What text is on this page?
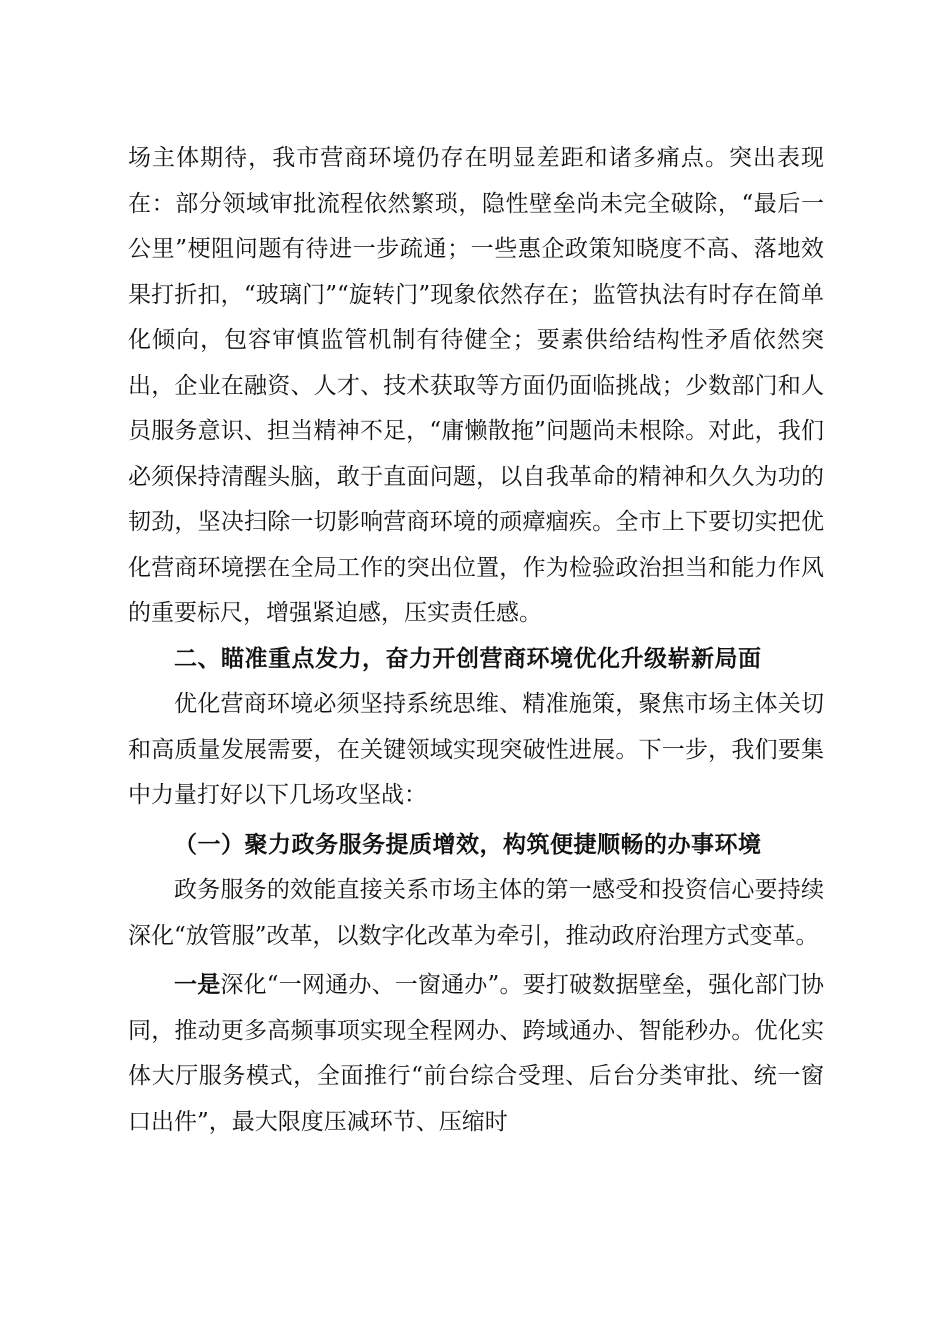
场主体期待，我市营商环境仍存在明显差距和诸多痛点。突出表现在：部分领域审批流程依然繁琐，隐性壁垒尚未完全破除，“最后一公里”梗阻问题有待进一步疏通；一些惠企政策知晓度不高、落地效果打折扣，“玻璃门”“旋转门”现象依然存在；监管执法有时存在简单化倾向，包容审慎监管机制有待健全；要素供给结构性矛盾依然突出，企业在融资、人才、技术获取等方面仍面临挑战；少数部门和人员服务意识、担当精神不足，“庸懒散拖”问题尚未根除。对此，我们必须保持清醒头脑，敢于直面问题，以自我革命的精神和久久为功的韧劲，坚决扫除一切影响营商环境的顽瘴痼疾。全市上下要切实把优化营商环境摆在全局工作的突出位置，作为检验政治担当和能力作风的重要标尺，增强紧迫感，压实责任感。

二、瞄准重点发力，奋力开创营商环境优化升级崭新局面

优化营商环境必须坚持系统思维、精准施策，聚焦市场主体关切和高质量发展需要，在关键领域实现突破性进展。下一步，我们要集中力量打好以下几场攻坚战：

（一）聚力政务服务提质增效，构筑便捷顺畅的办事环境

政务服务的效能直接关系市场主体的第一感受和投资信心要持续深化“放管服”改革，以数字化改革为牵引，推动政府治理方式变革。

一是深化“一网通办、一窗通办”。要打破数据壁垒，强化部门协同，推动更多高频事项实现全程网办、跨域通办、智能秒办。优化实体大厅服务模式，全面推行“前台综合受理、后台分类审批、统一窗口出件”，最大限度压减环节、压缩时
